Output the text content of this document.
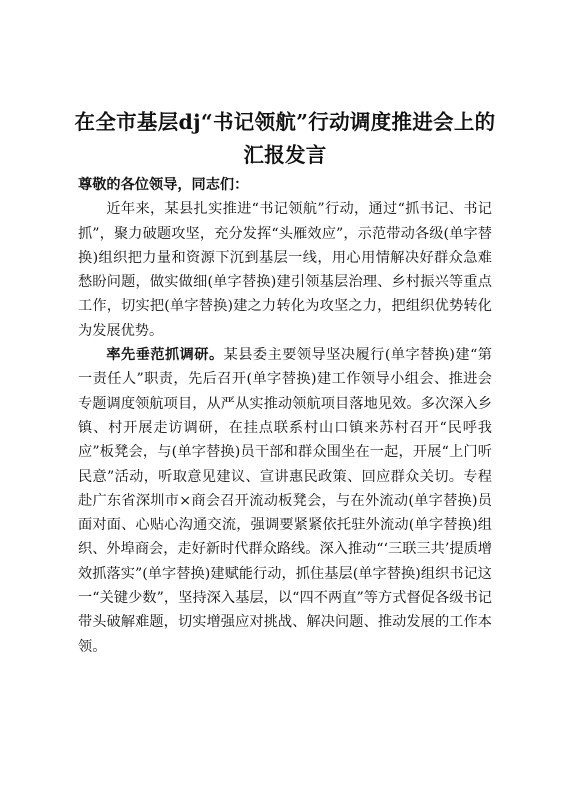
在全市基层dj“书记领航”行动调度推进会上的
汇报发言

尊敬的各位领导，同志们：

近年来，某县扎实推进“书记领航”行动，通过“抓书记、书记抓”，聚力破题攻坚，充分发挥“头雁效应”，示范带动各级(单字替换)组织把力量和资源下沉到基层一线，用心用情解决好群众急难愁盼问题，做实做细(单字替换)建引领基层治理、乡村振兴等重点工作，切实把(单字替换)建之力转化为攻坚之力，把组织优势转化为发展优势。

率先垂范抓调研。某县委主要领导坚决履行(单字替换)建“第一责任人”职责，先后召开(单字替换)建工作领导小组会、推进会专题调度领航项目，从严从实推动领航项目落地见效。多次深入乡镇、村开展走访调研，在挂点联系村山口镇来苏村召开“民呼我应”板凳会，与(单字替换)员干部和群众围坐在一起，开展“上门听民意”活动，听取意见建议、宣讲惠民政策、回应群众关切。专程赴广东省深圳市×商会召开流动板凳会，与在外流动(单字替换)员面对面、心贴心沟通交流，强调要紧紧依托驻外流动(单字替换)组织、外埠商会，走好新时代群众路线。深入推动“‘三联三共’提质增效抓落实”(单字替换)建赋能行动，抓住基层(单字替换)组织书记这一“关键少数”，坚持深入基层，以“四不两直”等方式督促各级书记带头破解难题，切实增强应对挑战、解决问题、推动发展的工作本领。
